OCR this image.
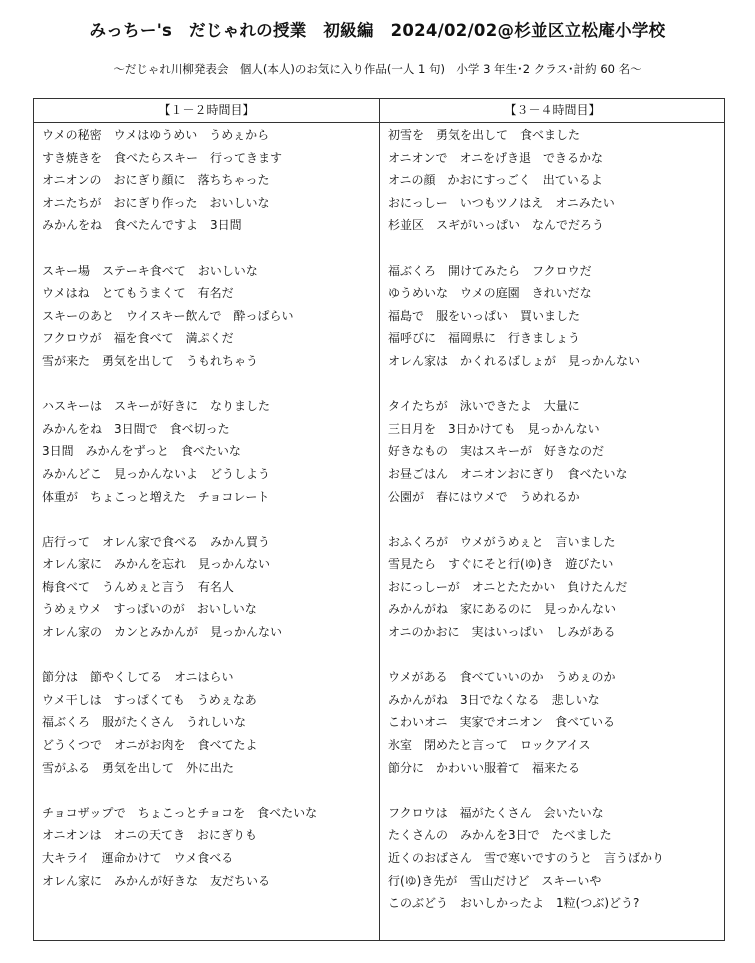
みっちー's　だじゃれの授業　初級編　2024/02/02@杉並区立松庵小学校
～だじゃれ川柳発表会　個人(本人)のお気に入り作品(一人 1 句)　小学 3 年生･2 クラス･計約 60 名～
【１－２時間目】
ウメの秘密　ウメはゆうめい　うめぇから
すき焼きを　食べたらスキー　行ってきます
オニオンの　おにぎり顔に　落ちちゃった
オニたちが　おにぎり作った　おいしいな
みかんをね　食べたんですよ　3日間
スキー場　ステーキ食べて　おいしいな
ウメはね　とてもうまくて　有名だ
スキーのあと　ウイスキー飲んで　酔っぱらい
フクロウが　福を食べて　満ぷくだ
雪が来た　勇気を出して　うもれちゃう
ハスキーは　スキーが好きに　なりました
みかんをね　3日間で　食べ切った
3日間　みかんをずっと　食べたいな
みかんどこ　見っかんないよ　どうしよう
体重が　ちょこっと増えた　チョコレート
店行って　オレん家で食べる　みかん買う
オレん家に　みかんを忘れ　見っかんない
梅食べて　うんめぇと言う　有名人
うめぇウメ　すっぱいのが　おいしいな
オレん家の　カンとみかんが　見っかんない
節分は　節やくしてる　オニはらい
ウメ干しは　すっぱくても　うめぇなあ
福ぶくろ　服がたくさん　うれしいな
どうくつで　オニがお肉を　食べてたよ
雪がふる　勇気を出して　外に出た
チョコザップで　ちょこっとチョコを　食べたいな
オニオンは　オニの天てき　おにぎりも
大キライ　運命かけて　ウメ食べる
オレん家に　みかんが好きな　友だちいる
【３－４時間目】
初雪を　勇気を出して　食べました
オニオンで　オニをげき退　できるかな
オニの顔　かおにすっごく　出ているよ
おにっしー　いつもツノはえ　オニみたい
杉並区　スギがいっぱい　なんでだろう
福ぶくろ　開けてみたら　フクロウだ
ゆうめいな　ウメの庭園　きれいだな
福島で　服をいっぱい　買いました
福呼びに　福岡県に　行きましょう
オレん家は　かくれるばしょが　見っかんない
タイたちが　泳いできたよ　大量に
三日月を　3日かけても　見っかんない
好きなもの　実はスキーが　好きなのだ
お昼ごはん　オニオンおにぎり　食べたいな
公園が　春にはウメで　うめれるか
おふくろが　ウメがうめぇと　言いました
雪見たら　すぐにそと行(ゆ)き　遊びたい
おにっしーが　オニとたたかい　負けたんだ
みかんがね　家にあるのに　見っかんない
オニのかおに　実はいっぱい　しみがある
ウメがある　食べていいのか　うめぇのか
みかんがね　3日でなくなる　悲しいな
こわいオニ　実家でオニオン　食べている
氷室　閉めたと言って　ロックアイス
節分に　かわいい服着て　福来たる
フクロウは　福がたくさん　会いたいな
たくさんの　みかんを3日で　たべました
近くのおばさん　雪で寒いですのうと　言うばかり
行(ゆ)き先が　雪山だけど　スキーいや
このぶどう　おいしかったよ　1粒(つぶ)どう?
